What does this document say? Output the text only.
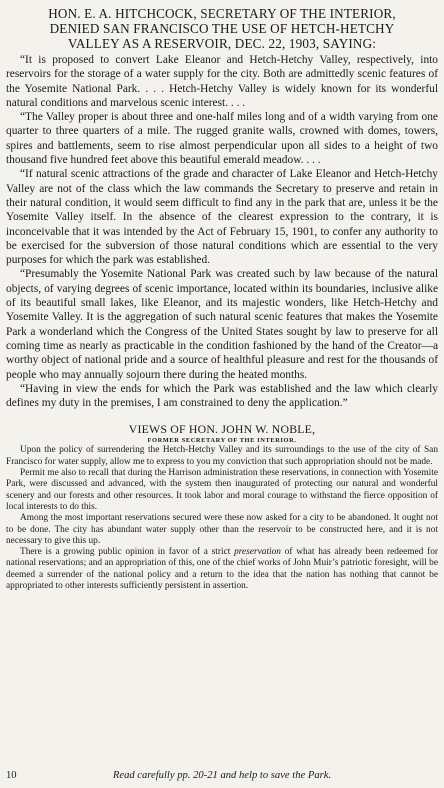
HON. E. A. HITCHCOCK, SECRETARY OF THE INTERIOR,
DENIED SAN FRANCISCO THE USE OF HETCH-HETCHY
VALLEY AS A RESERVOIR, DEC. 22, 1903, SAYING:

“It is proposed to convert Lake Eleanor and Hetch-Hetchy Valley, respectively, into reservoirs for the storage of a water supply for the city. Both are admittedly scenic features of the Yosemite National Park. . . . Hetch-Hetchy Valley is widely known for its wonderful natural conditions and marvelous scenic interest. . . .

“The Valley proper is about three and one-half miles long and of a width varying from one quarter to three quarters of a mile. The rugged granite walls, crowned with domes, towers, spires and battlements, seem to rise almost perpendicular upon all sides to a height of two thousand five hundred feet above this beautiful emerald meadow. . . .

“If natural scenic attractions of the grade and character of Lake Eleanor and Hetch-Hetchy Valley are not of the class which the law commands the Secretary to preserve and retain in their natural condition, it would seem difficult to find any in the park that are, unless it be the Yosemite Valley itself. In the absence of the clearest expression to the contrary, it is inconceivable that it was intended by the Act of February 15, 1901, to confer any authority to be exercised for the subversion of those natural conditions which are essential to the very purposes for which the park was established.

“Presumably the Yosemite National Park was created such by law because of the natural objects, of varying degrees of scenic importance, located within its boundaries, inclusive alike of its beautiful small lakes, like Eleanor, and its majestic wonders, like Hetch-Hetchy and Yosemite Valley. It is the aggregation of such natural scenic features that makes the Yosemite Park a wonderland which the Congress of the United States sought by law to preserve for all coming time as nearly as practicable in the condition fashioned by the hand of the Creator—a worthy object of national pride and a source of healthful pleasure and rest for the thousands of people who may annually sojourn there during the heated months.

“Having in view the ends for which the Park was established and the law which clearly defines my duty in the premises, I am constrained to deny the application.”

VIEWS OF HON. JOHN W. NOBLE,
FORMER SECRETARY OF THE INTERIOR.

Upon the policy of surrendering the Hetch-Hetchy Valley and its surroundings to the use of the city of San Francisco for water supply, allow me to express to you my conviction that such appropriation should not be made.

Permit me also to recall that during the Harrison administration these reservations, in connection with Yosemite Park, were discussed and advanced, with the system then inaugurated of protecting our natural and wonderful scenery and our forests and other resources. It took labor and moral courage to withstand the fierce opposition of local interests to do this.

Among the most important reservations secured were these now asked for a city to be abandoned. It ought not to be done. The city has abundant water supply other than the reservoir to be constructed here, and it is not necessary to give this up.

There is a growing public opinion in favor of a strict preservation of what has already been redeemed for national reservations; and an appropriation of this, one of the chief works of John Muir’s patriotic foresight, will be deemed a surrender of the national policy and a return to the idea that the nation has nothing that cannot be appropriated to other interests sufficiently persistent in assertion.

10	Read carefully pp. 20-21 and help to save the Park.
